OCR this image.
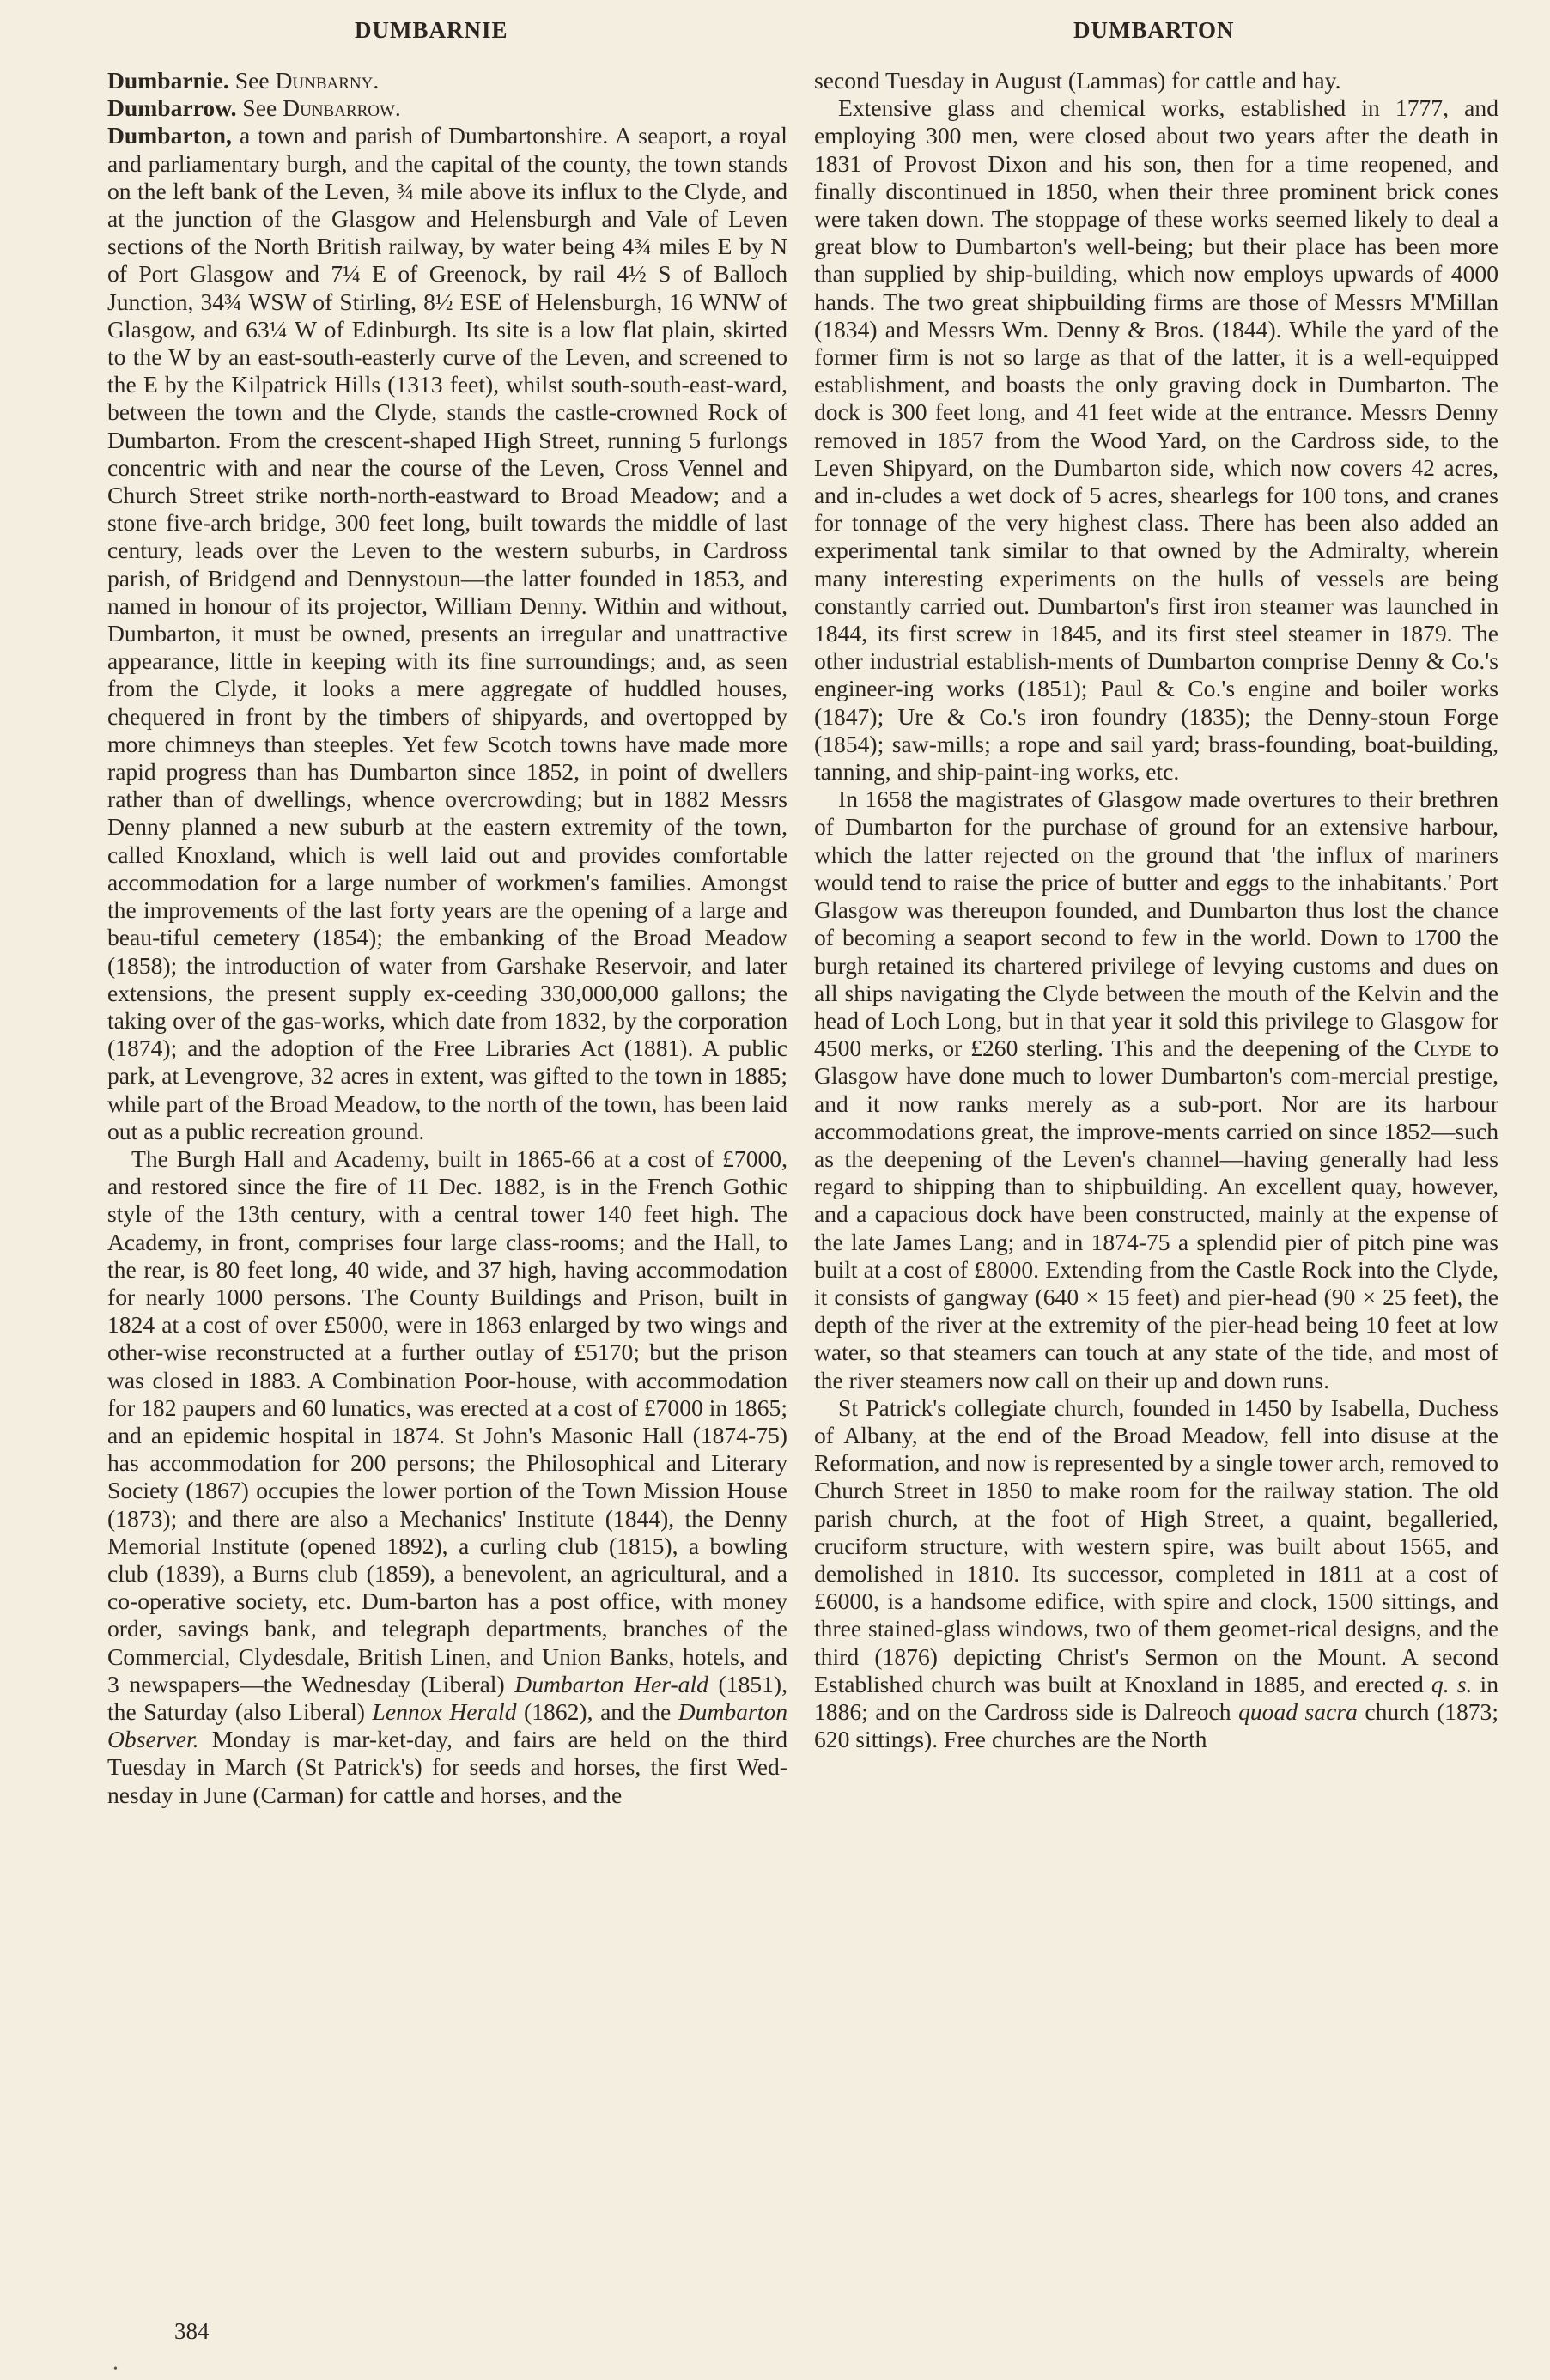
DUMBARNIE	DUMBARTON

Dumbarnie. See Dunbarny.

Dumbarrow. See Dunbarrow.

Dumbarton, a town and parish of Dumbartonshire. A seaport, a royal and parliamentary burgh, and the capital of the county, the town stands on the left bank of the Leven, ¾ mile above its influx to the Clyde, and at the junction of the Glasgow and Helensburgh and Vale of Leven sections of the North British railway, by water being 4¾ miles E by N of Port Glasgow and 7¼ E of Greenock, by rail 4½ S of Balloch Junction, 34¾ WSW of Stirling, 8½ ESE of Helensburgh, 16 WNW of Glasgow, and 63¼ W of Edinburgh. Its site is a low flat plain, skirted to the W by an east-south-easterly curve of the Leven, and screened to the E by the Kilpatrick Hills (1313 feet), whilst south-south-east-ward, between the town and the Clyde, stands the castle-crowned Rock of Dumbarton. From the crescent-shaped High Street, running 5 furlongs concentric with and near the course of the Leven, Cross Vennel and Church Street strike north-north-eastward to Broad Meadow; and a stone five-arch bridge, 300 feet long, built towards the middle of last century, leads over the Leven to the western suburbs, in Cardross parish, of Bridgend and Dennystoun—the latter founded in 1853, and named in honour of its projector, William Denny. Within and without, Dumbarton, it must be owned, presents an irregular and unattractive appearance, little in keeping with its fine surroundings; and, as seen from the Clyde, it looks a mere aggregate of huddled houses, chequered in front by the timbers of shipyards, and overtopped by more chimneys than steeples. Yet few Scotch towns have made more rapid progress than has Dumbarton since 1852, in point of dwellers rather than of dwellings, whence overcrowding; but in 1882 Messrs Denny planned a new suburb at the eastern extremity of the town, called Knoxland, which is well laid out and provides comfortable accommodation for a large number of workmen's families. Amongst the improvements of the last forty years are the opening of a large and beau-tiful cemetery (1854); the embanking of the Broad Meadow (1858); the introduction of water from Garshake Reservoir, and later extensions, the present supply ex-ceeding 330,000,000 gallons; the taking over of the gas-works, which date from 1832, by the corporation (1874); and the adoption of the Free Libraries Act (1881). A public park, at Levengrove, 32 acres in extent, was gifted to the town in 1885; while part of the Broad Meadow, to the north of the town, has been laid out as a public recreation ground.

The Burgh Hall and Academy, built in 1865-66 at a cost of £7000, and restored since the fire of 11 Dec. 1882, is in the French Gothic style of the 13th century, with a central tower 140 feet high. The Academy, in front, comprises four large class-rooms; and the Hall, to the rear, is 80 feet long, 40 wide, and 37 high, having accommodation for nearly 1000 persons. The County Buildings and Prison, built in 1824 at a cost of over £5000, were in 1863 enlarged by two wings and other-wise reconstructed at a further outlay of £5170; but the prison was closed in 1883. A Combination Poor-house, with accommodation for 182 paupers and 60 lunatics, was erected at a cost of £7000 in 1865; and an epidemic hospital in 1874. St John's Masonic Hall (1874-75) has accommodation for 200 persons; the Philosophical and Literary Society (1867) occupies the lower portion of the Town Mission House (1873); and there are also a Mechanics' Institute (1844), the Denny Memorial Institute (opened 1892), a curling club (1815), a bowling club (1839), a Burns club (1859), a benevolent, an agricultural, and a co-operative society, etc. Dum-barton has a post office, with money order, savings bank, and telegraph departments, branches of the Commercial, Clydesdale, British Linen, and Union Banks, hotels, and 3 newspapers—the Wednesday (Liberal) Dumbarton Her-ald (1851), the Saturday (also Liberal) Lennox Herald (1862), and the Dumbarton Observer. Monday is mar-ket-day, and fairs are held on the third Tuesday in March (St Patrick's) for seeds and horses, the first Wed-nesday in June (Carman) for cattle and horses, and the

second Tuesday in August (Lammas) for cattle and hay.

Extensive glass and chemical works, established in 1777, and employing 300 men, were closed about two years after the death in 1831 of Provost Dixon and his son, then for a time reopened, and finally discontinued in 1850, when their three prominent brick cones were taken down. The stoppage of these works seemed likely to deal a great blow to Dumbarton's well-being; but their place has been more than supplied by ship-building, which now employs upwards of 4000 hands. The two great shipbuilding firms are those of Messrs M'Millan (1834) and Messrs Wm. Denny & Bros. (1844). While the yard of the former firm is not so large as that of the latter, it is a well-equipped establishment, and boasts the only graving dock in Dumbarton. The dock is 300 feet long, and 41 feet wide at the entrance. Messrs Denny removed in 1857 from the Wood Yard, on the Cardross side, to the Leven Shipyard, on the Dumbarton side, which now covers 42 acres, and in-cludes a wet dock of 5 acres, shearlegs for 100 tons, and cranes for tonnage of the very highest class. There has been also added an experimental tank similar to that owned by the Admiralty, wherein many interesting experiments on the hulls of vessels are being constantly carried out. Dumbarton's first iron steamer was launched in 1844, its first screw in 1845, and its first steel steamer in 1879. The other industrial establish-ments of Dumbarton comprise Denny & Co.'s engineer-ing works (1851); Paul & Co.'s engine and boiler works (1847); Ure & Co.'s iron foundry (1835); the Denny-stoun Forge (1854); saw-mills; a rope and sail yard; brass-founding, boat-building, tanning, and ship-paint-ing works, etc.

In 1658 the magistrates of Glasgow made overtures to their brethren of Dumbarton for the purchase of ground for an extensive harbour, which the latter rejected on the ground that 'the influx of mariners would tend to raise the price of butter and eggs to the inhabitants.' Port Glasgow was thereupon founded, and Dumbarton thus lost the chance of becoming a seaport second to few in the world. Down to 1700 the burgh retained its chartered privilege of levying customs and dues on all ships navigating the Clyde between the mouth of the Kelvin and the head of Loch Long, but in that year it sold this privilege to Glasgow for 4500 merks, or £260 sterling. This and the deepening of the Clyde to Glasgow have done much to lower Dumbarton's com-mercial prestige, and it now ranks merely as a sub-port. Nor are its harbour accommodations great, the improve-ments carried on since 1852—such as the deepening of the Leven's channel—having generally had less regard to shipping than to shipbuilding. An excellent quay, however, and a capacious dock have been constructed, mainly at the expense of the late James Lang; and in 1874-75 a splendid pier of pitch pine was built at a cost of £8000. Extending from the Castle Rock into the Clyde, it consists of gangway (640 × 15 feet) and pier-head (90 × 25 feet), the depth of the river at the extremity of the pier-head being 10 feet at low water, so that steamers can touch at any state of the tide, and most of the river steamers now call on their up and down runs.

St Patrick's collegiate church, founded in 1450 by Isabella, Duchess of Albany, at the end of the Broad Meadow, fell into disuse at the Reformation, and now is represented by a single tower arch, removed to Church Street in 1850 to make room for the railway station. The old parish church, at the foot of High Street, a quaint, begalleried, cruciform structure, with western spire, was built about 1565, and demolished in 1810. Its successor, completed in 1811 at a cost of £6000, is a handsome edifice, with spire and clock, 1500 sittings, and three stained-glass windows, two of them geomet-rical designs, and the third (1876) depicting Christ's Sermon on the Mount. A second Established church was built at Knoxland in 1885, and erected q. s. in 1886; and on the Cardross side is Dalreoch quoad sacra church (1873; 620 sittings). Free churches are the North

384
•
